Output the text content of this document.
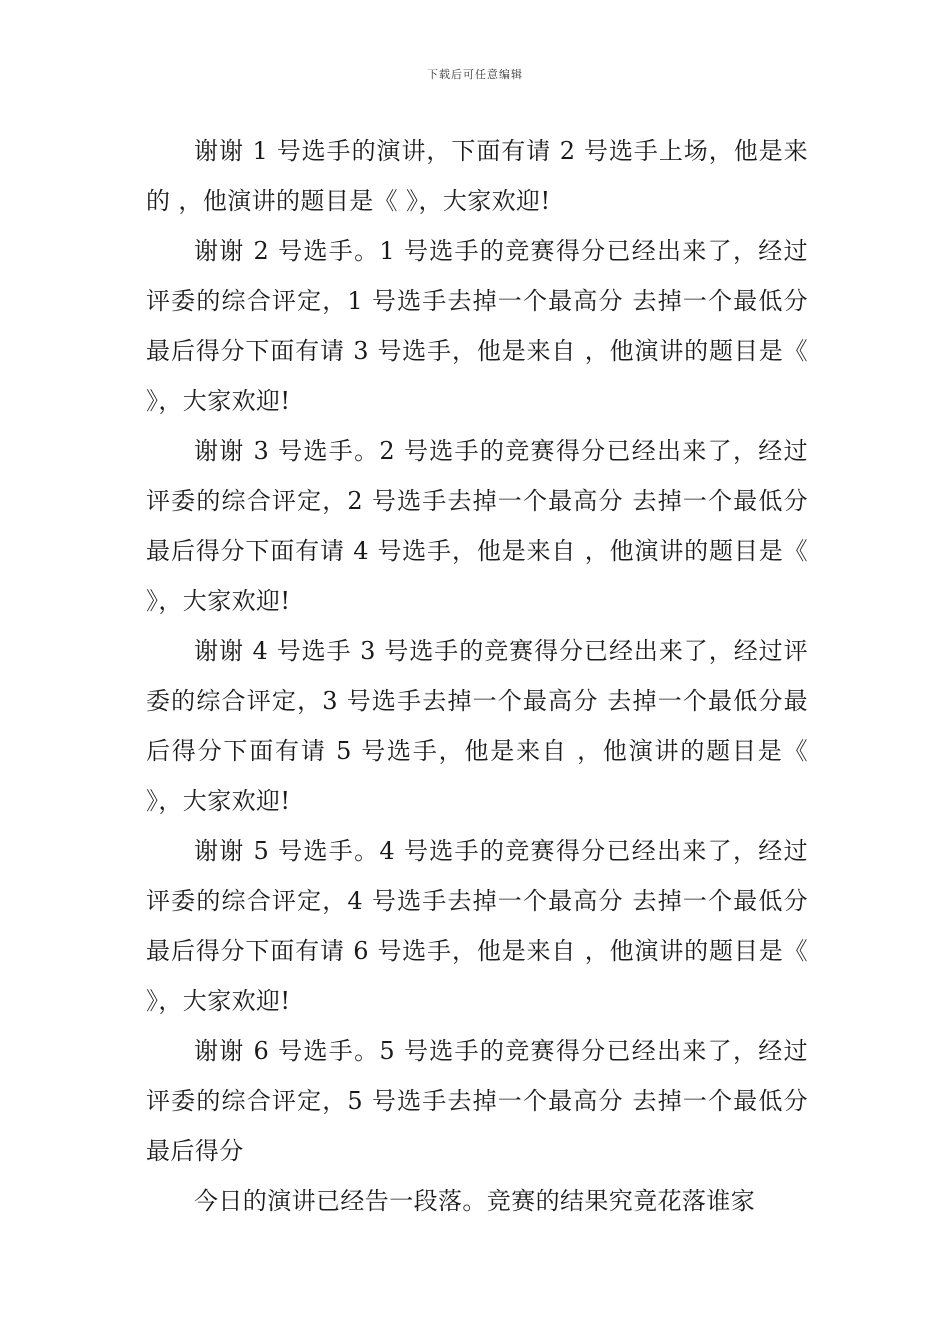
下载后可任意编辑

谢谢 1 号选手的演讲，下面有请 2 号选手上场，他是来的 ，他演讲的题目是《 》，大家欢迎!

谢谢 2 号选手。1 号选手的竞赛得分已经出来了，经过评委的综合评定，1 号选手去掉一个最高分 去掉一个最低分 最后得分下面有请 3 号选手，他是来自 ，他演讲的题目是《 》，大家欢迎!

谢谢 3 号选手。2 号选手的竞赛得分已经出来了，经过评委的综合评定，2 号选手去掉一个最高分 去掉一个最低分 最后得分下面有请 4 号选手，他是来自 ，他演讲的题目是《 》，大家欢迎!

谢谢 4 号选手 3 号选手的竞赛得分已经出来了，经过评委的综合评定，3 号选手去掉一个最高分 去掉一个最低分最后得分下面有请 5 号选手，他是来自 ，他演讲的题目是《 》，大家欢迎!

谢谢 5 号选手。4 号选手的竞赛得分已经出来了，经过评委的综合评定，4 号选手去掉一个最高分 去掉一个最低分 最后得分下面有请 6 号选手，他是来自 ，他演讲的题目是《 》，大家欢迎!

谢谢 6 号选手。5 号选手的竞赛得分已经出来了，经过评委的综合评定，5 号选手去掉一个最高分 去掉一个最低分 最后得分

今日的演讲已经告一段落。竞赛的结果究竟花落谁家
